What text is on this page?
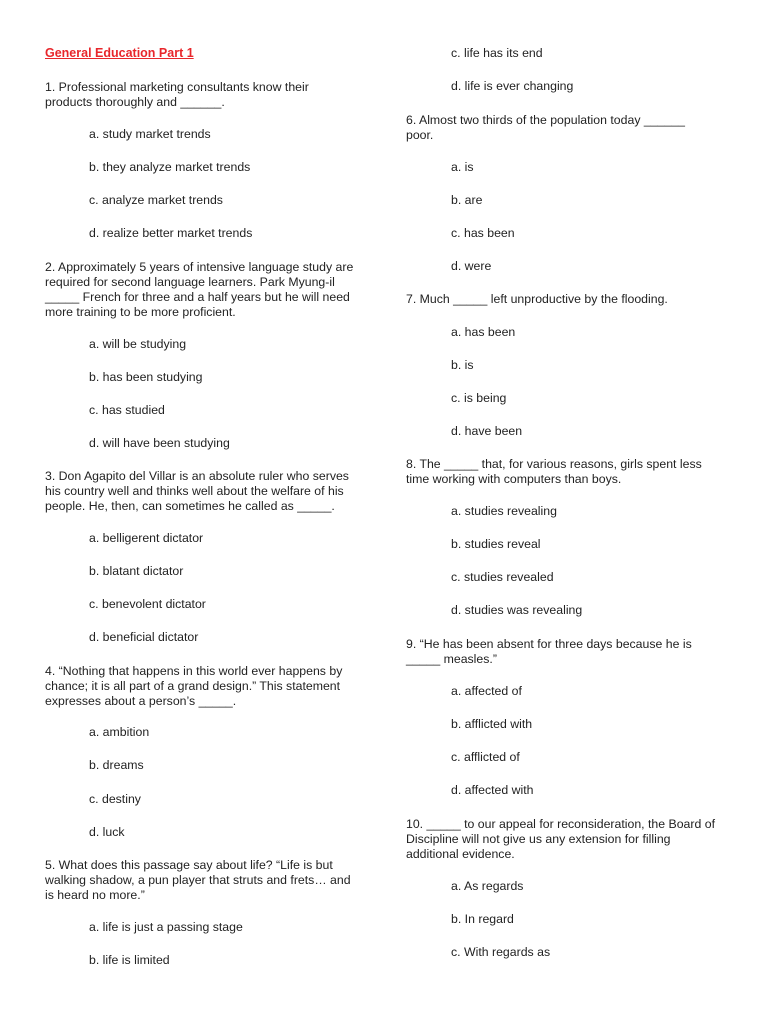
General Education Part 1
1. Professional marketing consultants know their
products thoroughly and ______.
a. study market trends
b. they analyze market trends
c. analyze market trends
d. realize better market trends
2. Approximately 5 years of intensive language study are
required for second language learners. Park Myung-il
_____ French for three and a half years but he will need
more training to be more proficient.
a. will be studying
b. has been studying
c. has studied
d. will have been studying
3. Don Agapito del Villar is an absolute ruler who serves
his country well and thinks well about the welfare of his
people. He, then, can sometimes he called as _____.
a. belligerent dictator
b. blatant dictator
c. benevolent dictator
d. beneficial dictator
4. “Nothing that happens in this world ever happens by
chance; it is all part of a grand design.” This statement
expresses about a person’s _____.
a. ambition
b. dreams
c. destiny
d. luck
5. What does this passage say about life? “Life is but
walking shadow, a pun player that struts and frets… and
is heard no more.”
a. life is just a passing stage
b. life is limited
c. life has its end
d. life is ever changing
6. Almost two thirds of the population today ______
poor.
a. is
b. are
c. has been
d. were
7. Much _____ left unproductive by the flooding.
a. has been
b. is
c. is being
d. have been
8. The _____ that, for various reasons, girls spent less
time working with computers than boys.
a. studies revealing
b. studies reveal
c. studies revealed
d. studies was revealing
9. “He has been absent for three days because he is
_____ measles.”
a. affected of
b. afflicted with
c. afflicted of
d. affected with
10. _____ to our appeal for reconsideration, the Board of
Discipline will not give us any extension for filling
additional evidence.
a. As regards
b. In regard
c. With regards as
